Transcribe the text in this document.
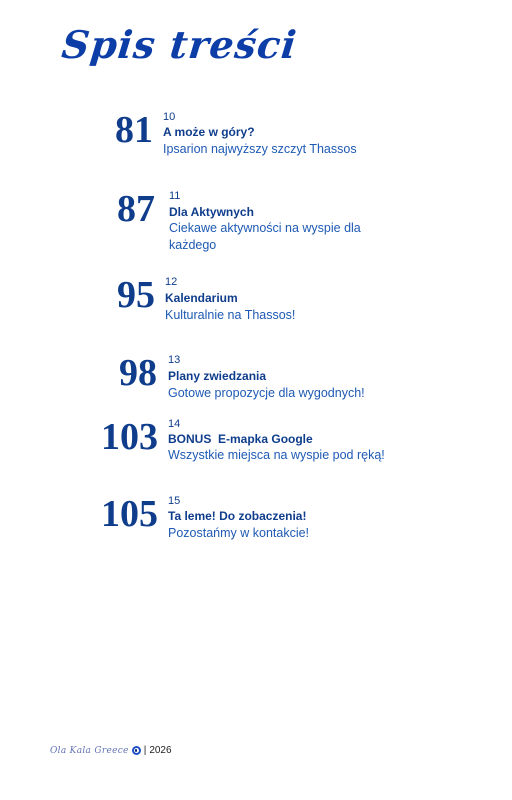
Spis treści
81 10
A może w góry?
Ipsarion najwyższy szczyt Thassos
87 11
Dla Aktywnych
Ciekawe aktywności na wyspie dla każdego
95 12
Kalendarium
Kulturalnie na Thassos!
98 13
Plany zwiedzania
Gotowe propozycje dla wygodnych!
103 14
BONUS  E-mapka Google
Wszystkie miejsca na wyspie pod ręką!
105 15
Ta leme! Do zobaczenia!
Pozostańmy w kontakcie!
Ola Kala Greece | 2026
